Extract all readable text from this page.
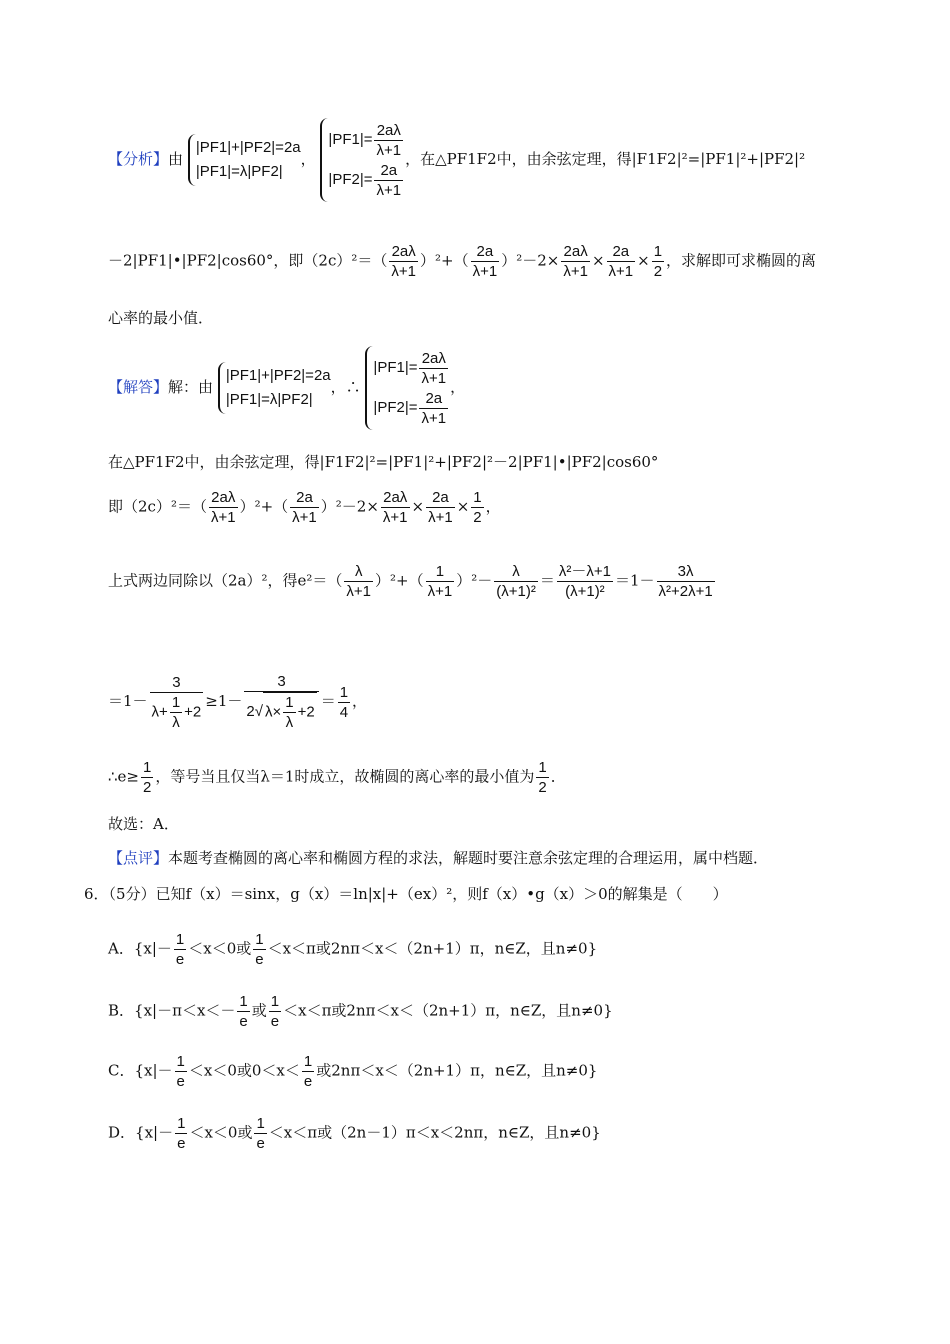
【分析】由
|PF1|+|PF2|=2a
|PF1|=λ|PF2|
，
$|PF1|= \frac{2a\lambda}{\lambda+1}$
$|PF2|= \frac{2a}{\lambda+1}$
，在△PF1F2中，由余弦定理，得|F1F2|²=|PF1|²+|PF2|²
－2|PF1|•|PF2|cos60°，即$(2c)^2=( \frac{2a\lambda}{\lambda+1} )^2+( \frac{2a}{\lambda+1} )^2-2\times \frac{2a\lambda}{\lambda+1} \times \frac{2a}{\lambda+1} \times \frac{1}{2}$ ，求解即可求椭圆的离
心率的最小值．
【解答】解：由
|PF1|+|PF2|=2a
|PF1|=λ|PF2|
，∴
$|PF1|= \frac{2a\lambda}{\lambda+1}$
$|PF2|= \frac{2a}{\lambda+1}$
，
在△PF1F2中，由余弦定理，得|F1F2|²=|PF1|²+|PF2|²－2|PF1|•|PF2|cos60°
即$(2c)^2=( \frac{2a\lambda}{\lambda+1} )^2+( \frac{2a}{\lambda+1} )^2-2\times \frac{2a\lambda}{\lambda+1} \times \frac{2a}{\lambda+1} \times \frac{1}{2}$ ，
上式两边同除以（2a）²，得$e^2=( \frac{\lambda}{\lambda+1} )^2+( \frac{1}{\lambda+1} )^2- \frac{\lambda}{\text{(λ+1)²}} = \frac{\text{λ²－λ+1}}{\text{(λ+1)²}} =1- \frac{3\lambda}{\text{λ²+2λ+1}}$
$=1- \frac{3}{\lambda+ \frac{1}{\lambda} +2} \ge 1- \frac{3}{2√ \lambda\times \frac{1}{\lambda} +2} = \frac{1}{4}$ ，
∴e≥ $\frac{1}{2}$ ，等号当且仅当λ＝1时成立，故椭圆的离心率的最小值为 $\frac{1}{2}$ ．
故选：A．
【点评】本题考查椭圆的离心率和椭圆方程的求法，解题时要注意余弦定理的合理运用，属中档题．
6．（5分）已知f（x）＝sinx，g（x）＝ln|x|+（ex）²，则f（x）•g（x）＞0的解集是（　　）
A．{$x|- \frac{1}{e} <x<0$或 $\frac{1}{e} <x<\pi$或2nπ＜x＜（2n+1）π，n∈Z，且n≠0}
B．{$x|-\pi<x<- \frac{1}{e}$ 或 $\frac{1}{e} <x<\pi$或2nπ＜x＜（2n+1）π，n∈Z，且n≠0}
C．{$x|- \frac{1}{e} <x<0$或$0<x< \frac{1}{e}$ 或2nπ＜x＜（2n+1）π，n∈Z，且n≠0}
D．{$x|- \frac{1}{e} <x<0$或 $\frac{1}{e} <x<\pi$或（2n－1）π＜x＜2nπ，n∈Z，且n≠0}
